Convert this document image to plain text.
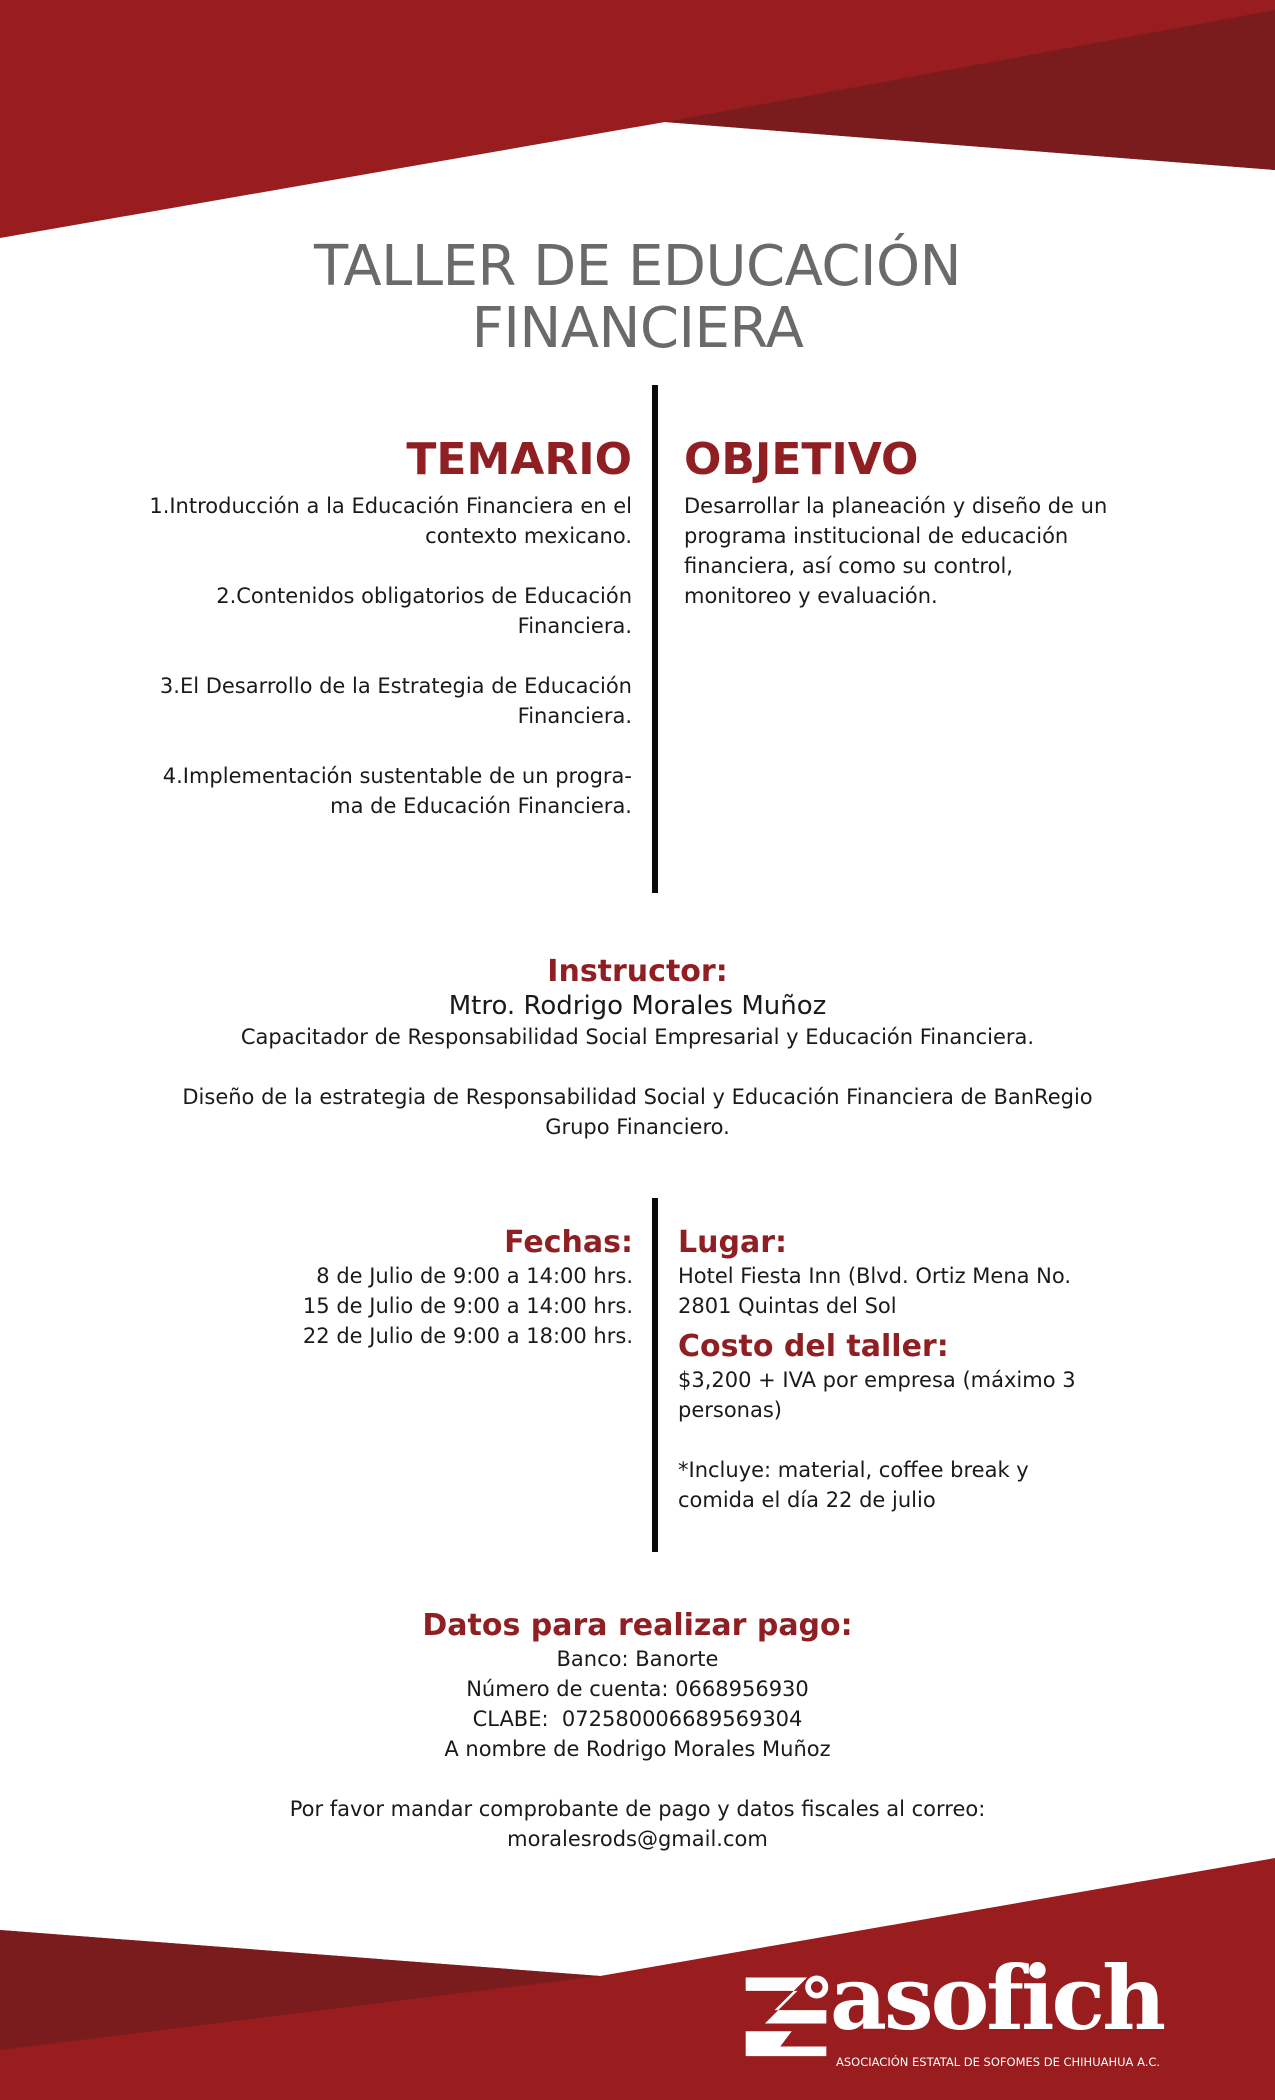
TALLER DE EDUCACIÓN
FINANCIERA
TEMARIO
1.Introducción a la Educación Financiera en el
contexto mexicano.
2.Contenidos obligatorios de Educación
Financiera.
3.El Desarrollo de la Estrategia de Educación
Financiera.
4.Implementación sustentable de un progra-
ma de Educación Financiera.
OBJETIVO
Desarrollar la planeación y diseño de un
programa institucional de educación
financiera, así como su control,
monitoreo y evaluación.
Instructor:
Mtro. Rodrigo Morales Muñoz
Capacitador de Responsabilidad Social Empresarial y Educación Financiera.
Diseño de la estrategia de Responsabilidad Social y Educación Financiera de BanRegio
Grupo Financiero.
Fechas:
8 de Julio de 9:00 a 14:00 hrs.
15 de Julio de 9:00 a 14:00 hrs.
22 de Julio de 9:00 a 18:00 hrs.
Lugar:
Hotel Fiesta Inn (Blvd. Ortiz Mena No.
2801 Quintas del Sol
Costo del taller:
$3,200 + IVA por empresa (máximo 3
personas)
*Incluye: material, coffee break y
comida el día 22 de julio
Datos para realizar pago:
Banco: Banorte
Número de cuenta: 0668956930
CLABE:  072580006689569304
A nombre de Rodrigo Morales Muñoz
Por favor mandar comprobante de pago y datos fiscales al correo:
moralesrods@gmail.com
asofich
ASOCIACIÓN ESTATAL DE SOFOMES DE CHIHUAHUA A.C.
